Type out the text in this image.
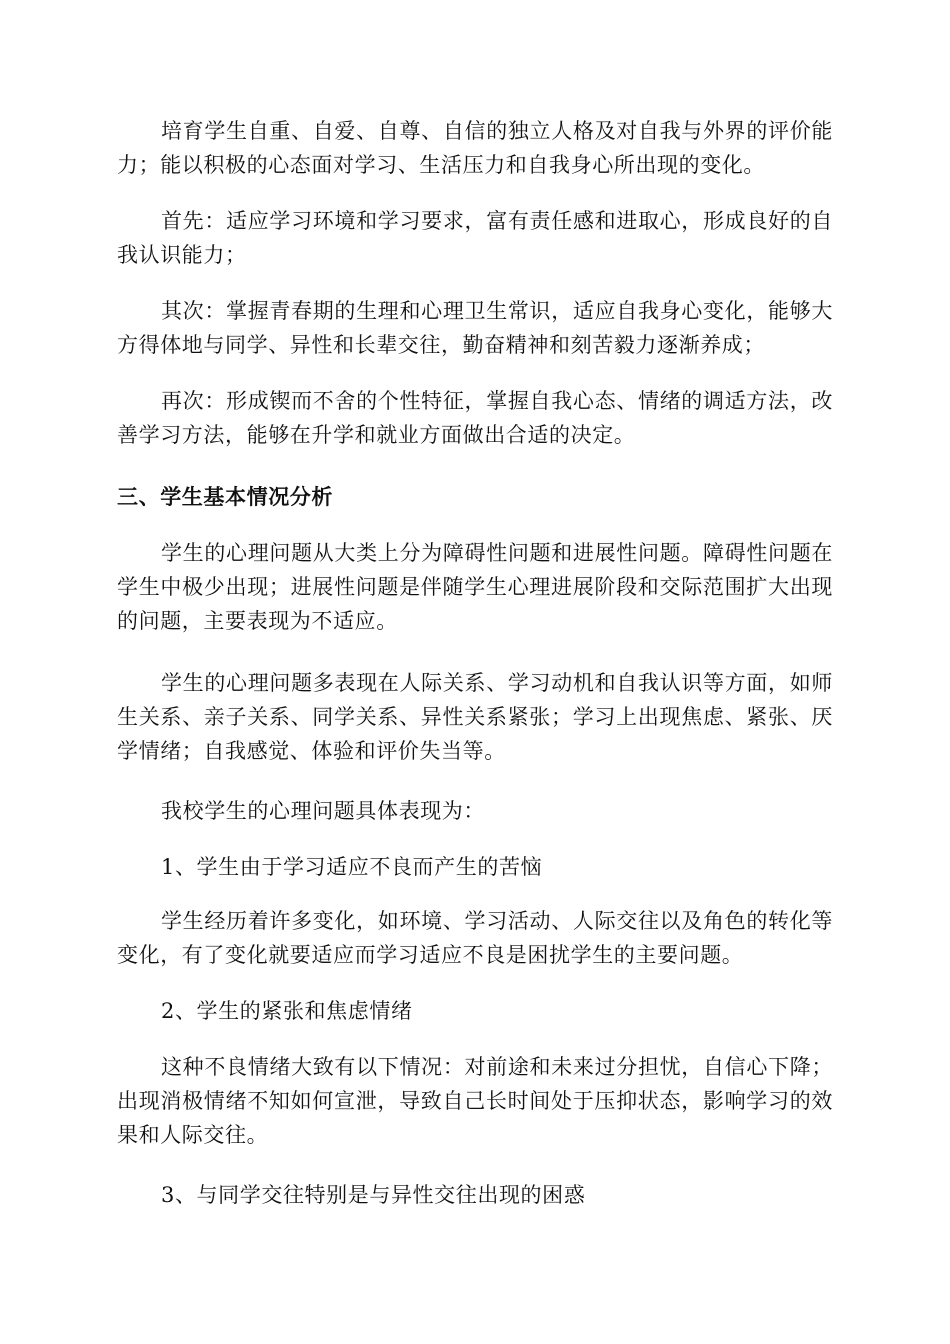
培育学生自重、自爱、自尊、自信的独立人格及对自我与外界的评价能力；能以积极的心态面对学习、生活压力和自我身心所出现的变化。

首先：适应学习环境和学习要求，富有责任感和进取心，形成良好的自我认识能力；

其次：掌握青春期的生理和心理卫生常识，适应自我身心变化，能够大方得体地与同学、异性和长辈交往，勤奋精神和刻苦毅力逐渐养成；

再次：形成锲而不舍的个性特征，掌握自我心态、情绪的调适方法，改善学习方法，能够在升学和就业方面做出合适的决定。

三、学生基本情况分析

学生的心理问题从大类上分为障碍性问题和进展性问题。障碍性问题在学生中极少出现；进展性问题是伴随学生心理进展阶段和交际范围扩大出现的问题，主要表现为不适应。

学生的心理问题多表现在人际关系、学习动机和自我认识等方面，如师生关系、亲子关系、同学关系、异性关系紧张；学习上出现焦虑、紧张、厌学情绪；自我感觉、体验和评价失当等。

我校学生的心理问题具体表现为：

1、学生由于学习适应不良而产生的苦恼

学生经历着许多变化，如环境、学习活动、人际交往以及角色的转化等变化，有了变化就要适应而学习适应不良是困扰学生的主要问题。

2、学生的紧张和焦虑情绪

这种不良情绪大致有以下情况：对前途和未来过分担忧，自信心下降；出现消极情绪不知如何宣泄，导致自己长时间处于压抑状态，影响学习的效果和人际交往。

3、与同学交往特别是与异性交往出现的困惑
